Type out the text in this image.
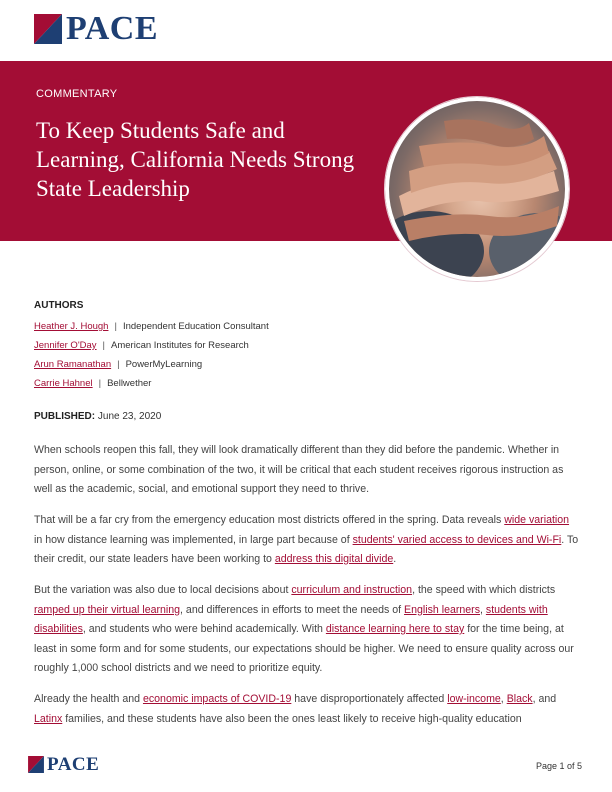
PACE
COMMENTARY
To Keep Students Safe and Learning, California Needs Strong State Leadership
AUTHORS
Heather J. Hough | Independent Education Consultant
Jennifer O'Day | American Institutes for Research
Arun Ramanathan | PowerMyLearning
Carrie Hahnel | Bellwether
PUBLISHED: June 23, 2020

When schools reopen this fall, they will look dramatically different than they did before the pandemic. Whether in person, online, or some combination of the two, it will be critical that each student receives rigorous instruction as well as the academic, social, and emotional support they need to thrive.

That will be a far cry from the emergency education most districts offered in the spring. Data reveals wide variation in how distance learning was implemented, in large part because of students' varied access to devices and Wi-Fi. To their credit, our state leaders have been working to address this digital divide.

But the variation was also due to local decisions about curriculum and instruction, the speed with which districts ramped up their virtual learning, and differences in efforts to meet the needs of English learners, students with disabilities, and students who were behind academically. With distance learning here to stay for the time being, at least in some form and for some students, our expectations should be higher. We need to ensure quality across our roughly 1,000 school districts and we need to prioritize equity.

Already the health and economic impacts of COVID-19 have disproportionately affected low-income, Black, and Latinx families, and these students have also been the ones least likely to receive high-quality education

PACE	Page 1 of 5
